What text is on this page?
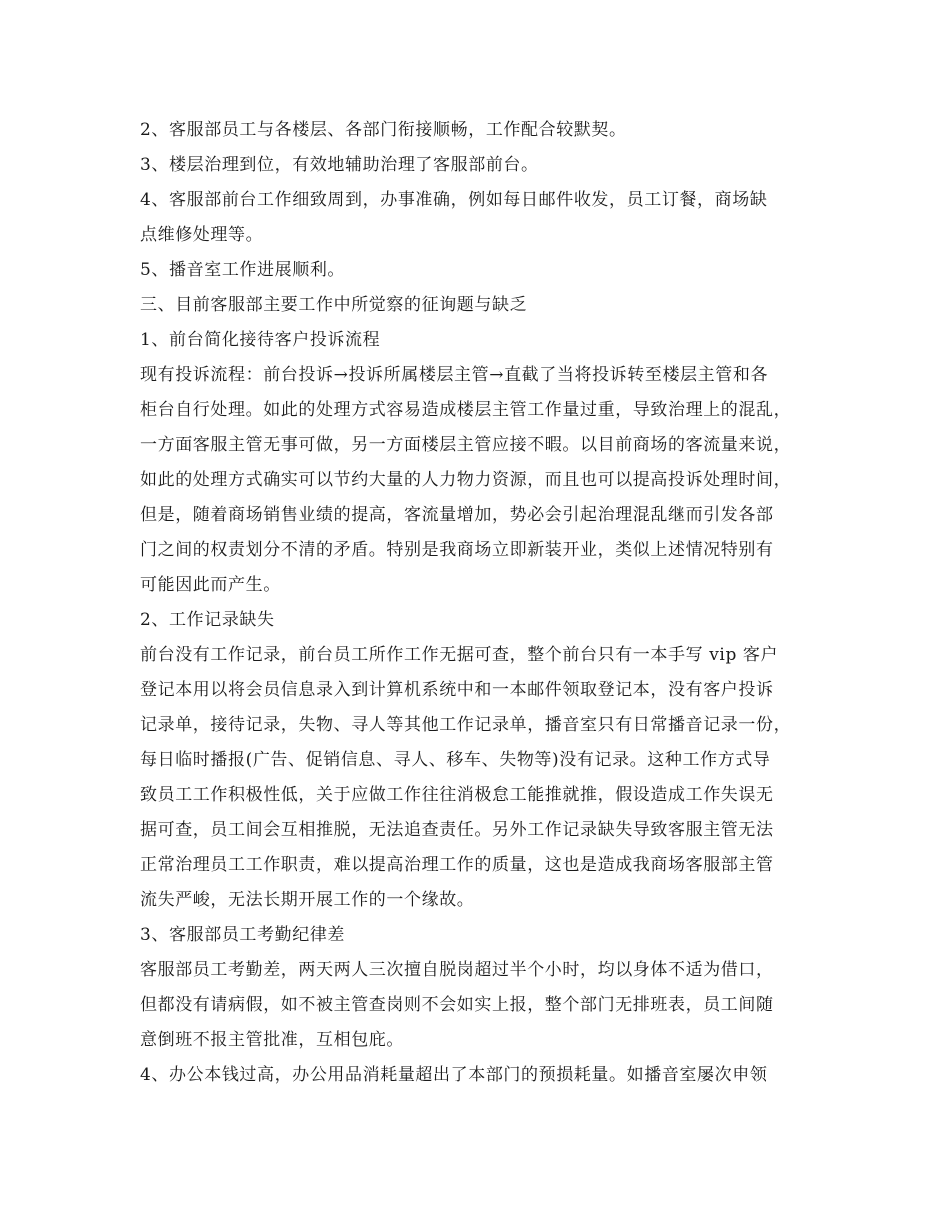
2、客服部员工与各楼层、各部门衔接顺畅，工作配合较默契。
3、楼层治理到位，有效地辅助治理了客服部前台。
4、客服部前台工作细致周到，办事准确，例如每日邮件收发，员工订餐，商场缺
点维修处理等。
5、播音室工作进展顺利。
三、目前客服部主要工作中所觉察的征询题与缺乏
1、前台简化接待客户投诉流程
现有投诉流程：前台投诉→投诉所属楼层主管→直截了当将投诉转至楼层主管和各
柜台自行处理。如此的处理方式容易造成楼层主管工作量过重，导致治理上的混乱，
一方面客服主管无事可做，另一方面楼层主管应接不暇。以目前商场的客流量来说，
如此的处理方式确实可以节约大量的人力物力资源，而且也可以提高投诉处理时间，
但是，随着商场销售业绩的提高，客流量增加，势必会引起治理混乱继而引发各部
门之间的权责划分不清的矛盾。特别是我商场立即新装开业，类似上述情况特别有
可能因此而产生。
2、工作记录缺失
前台没有工作记录，前台员工所作工作无据可查，整个前台只有一本手写 vip 客户
登记本用以将会员信息录入到计算机系统中和一本邮件领取登记本，没有客户投诉
记录单，接待记录，失物、寻人等其他工作记录单，播音室只有日常播音记录一份，
每日临时播报(广告、促销信息、寻人、移车、失物等)没有记录。这种工作方式导
致员工工作积极性低，关于应做工作往往消极怠工能推就推，假设造成工作失误无
据可查，员工间会互相推脱，无法追查责任。另外工作记录缺失导致客服主管无法
正常治理员工工作职责，难以提高治理工作的质量，这也是造成我商场客服部主管
流失严峻，无法长期开展工作的一个缘故。
3、客服部员工考勤纪律差
客服部员工考勤差，两天两人三次擅自脱岗超过半个小时，均以身体不适为借口，
但都没有请病假，如不被主管查岗则不会如实上报，整个部门无排班表，员工间随
意倒班不报主管批准，互相包庇。
4、办公本钱过高，办公用品消耗量超出了本部门的预损耗量。如播音室屡次申领
